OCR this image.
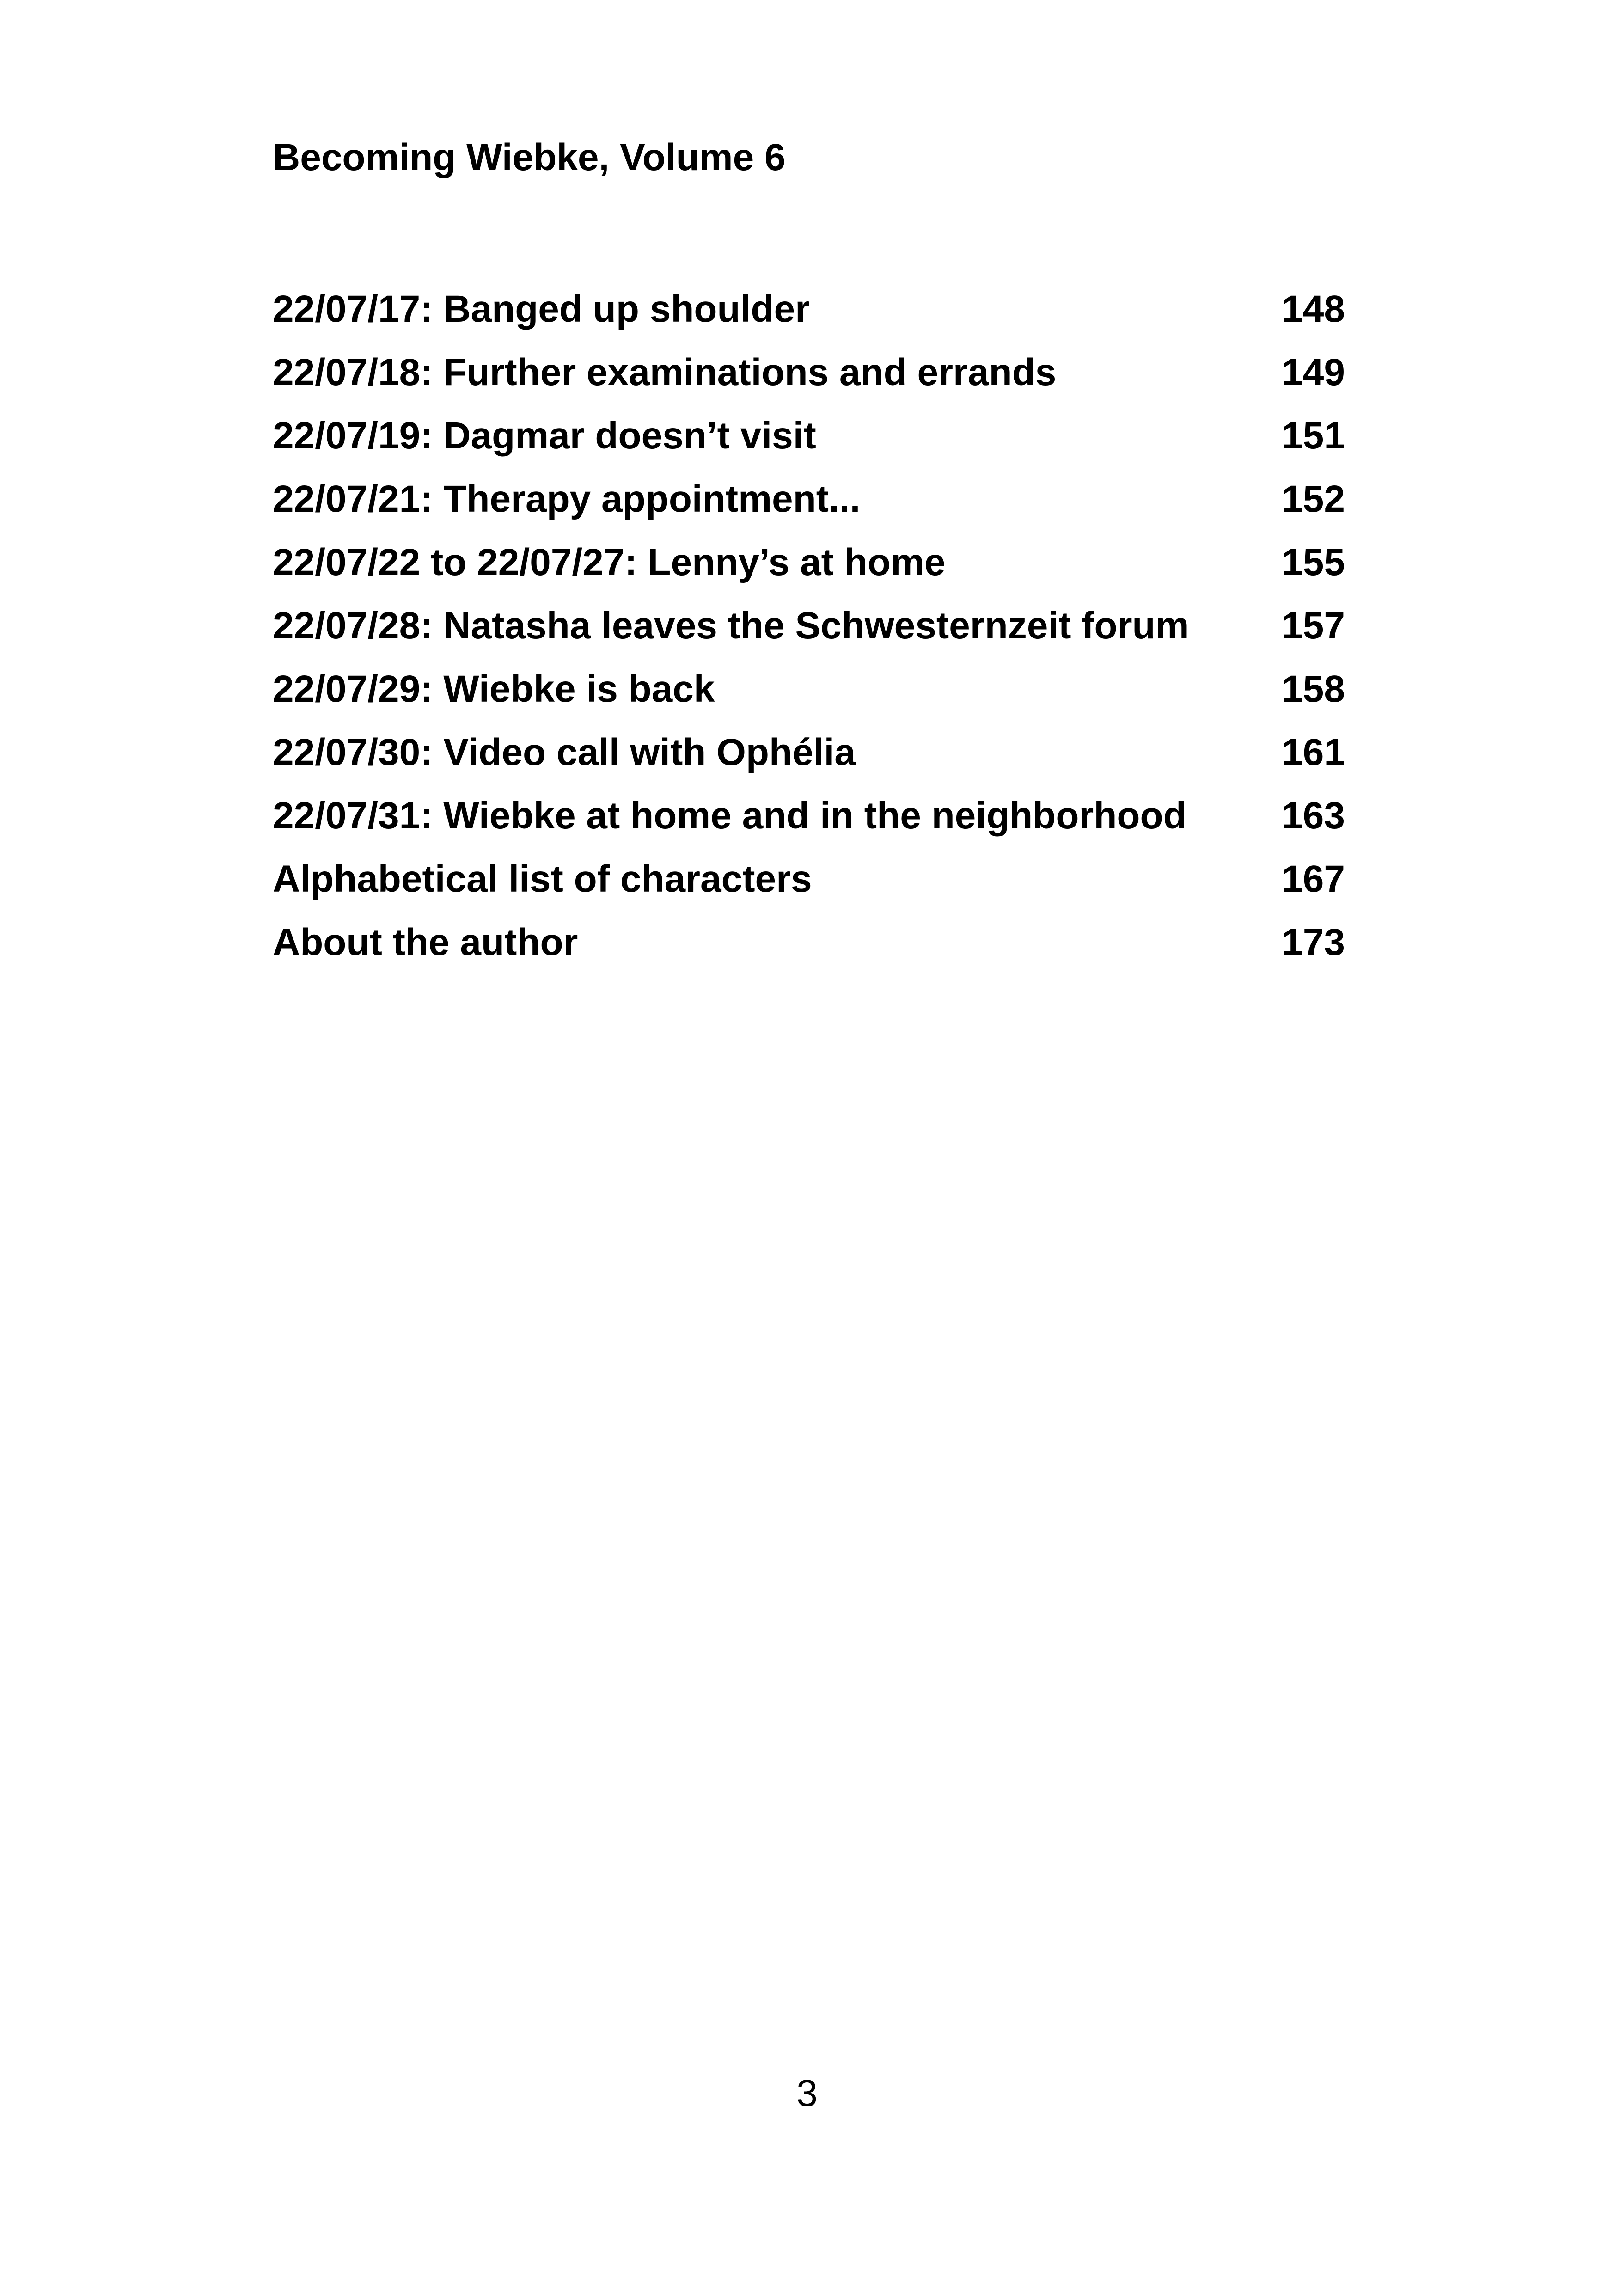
Becoming Wiebke, Volume 6
22/07/17: Banged up shoulder	148
22/07/18: Further examinations and errands	149
22/07/19: Dagmar doesn’t visit	151
22/07/21: Therapy appointment...	152
22/07/22 to 22/07/27: Lenny’s at home	155
22/07/28: Natasha leaves the Schwesternzeit forum 157
22/07/29: Wiebke is back	158
22/07/30: Video call with Ophélia	161
22/07/31: Wiebke at home and in the neighborhood	163
Alphabetical list of characters	167
About the author	173
3
